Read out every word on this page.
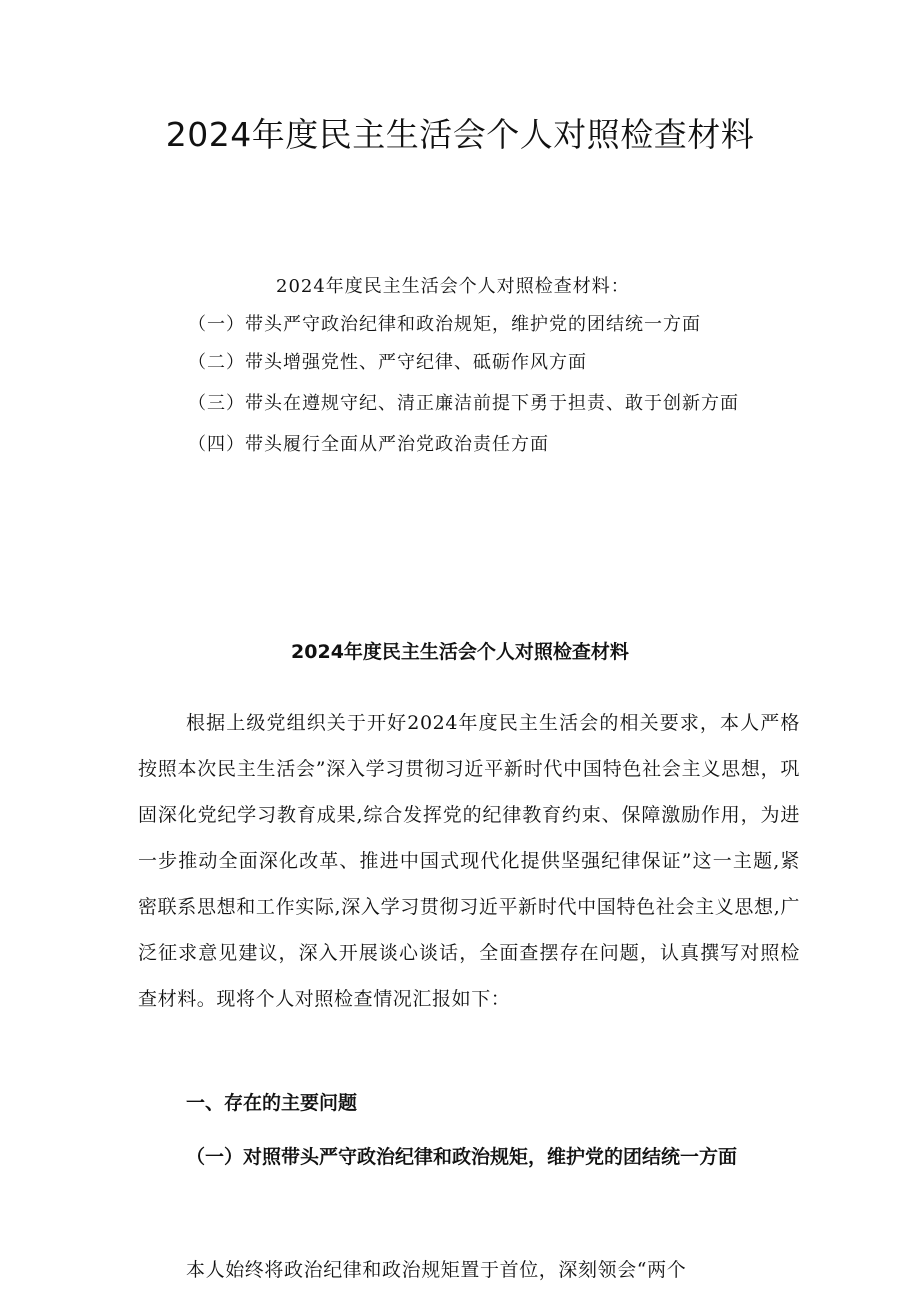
2024年度民主生活会个人对照检查材料
2024年度民主生活会个人对照检查材料：
（一）带头严守政治纪律和政治规矩，维护党的团结统一方面
（二）带头增强党性、严守纪律、砥砺作风方面
（三）带头在遵规守纪、清正廉洁前提下勇于担责、敢于创新方面
（四）带头履行全面从严治党政治责任方面
2024年度民主生活会个人对照检查材料

根据上级党组织关于开好2024年度民主生活会的相关要求，本人严格按照本次民主生活会”深入学习贯彻习近平新时代中国特色社会主义思想，巩固深化党纪学习教育成果,综合发挥党的纪律教育约束、保障激励作用，为进一步推动全面深化改革、推进中国式现代化提供坚强纪律保证”这一主题,紧密联系思想和工作实际,深入学习贯彻习近平新时代中国特色社会主义思想,广泛征求意见建议，深入开展谈心谈话，全面查摆存在问题，认真撰写对照检查材料。现将个人对照检查情况汇报如下：

一、存在的主要问题
（一）对照带头严守政治纪律和政治规矩，维护党的团结统一方面

本人始终将政治纪律和政治规矩置于首位，深刻领会“两个
